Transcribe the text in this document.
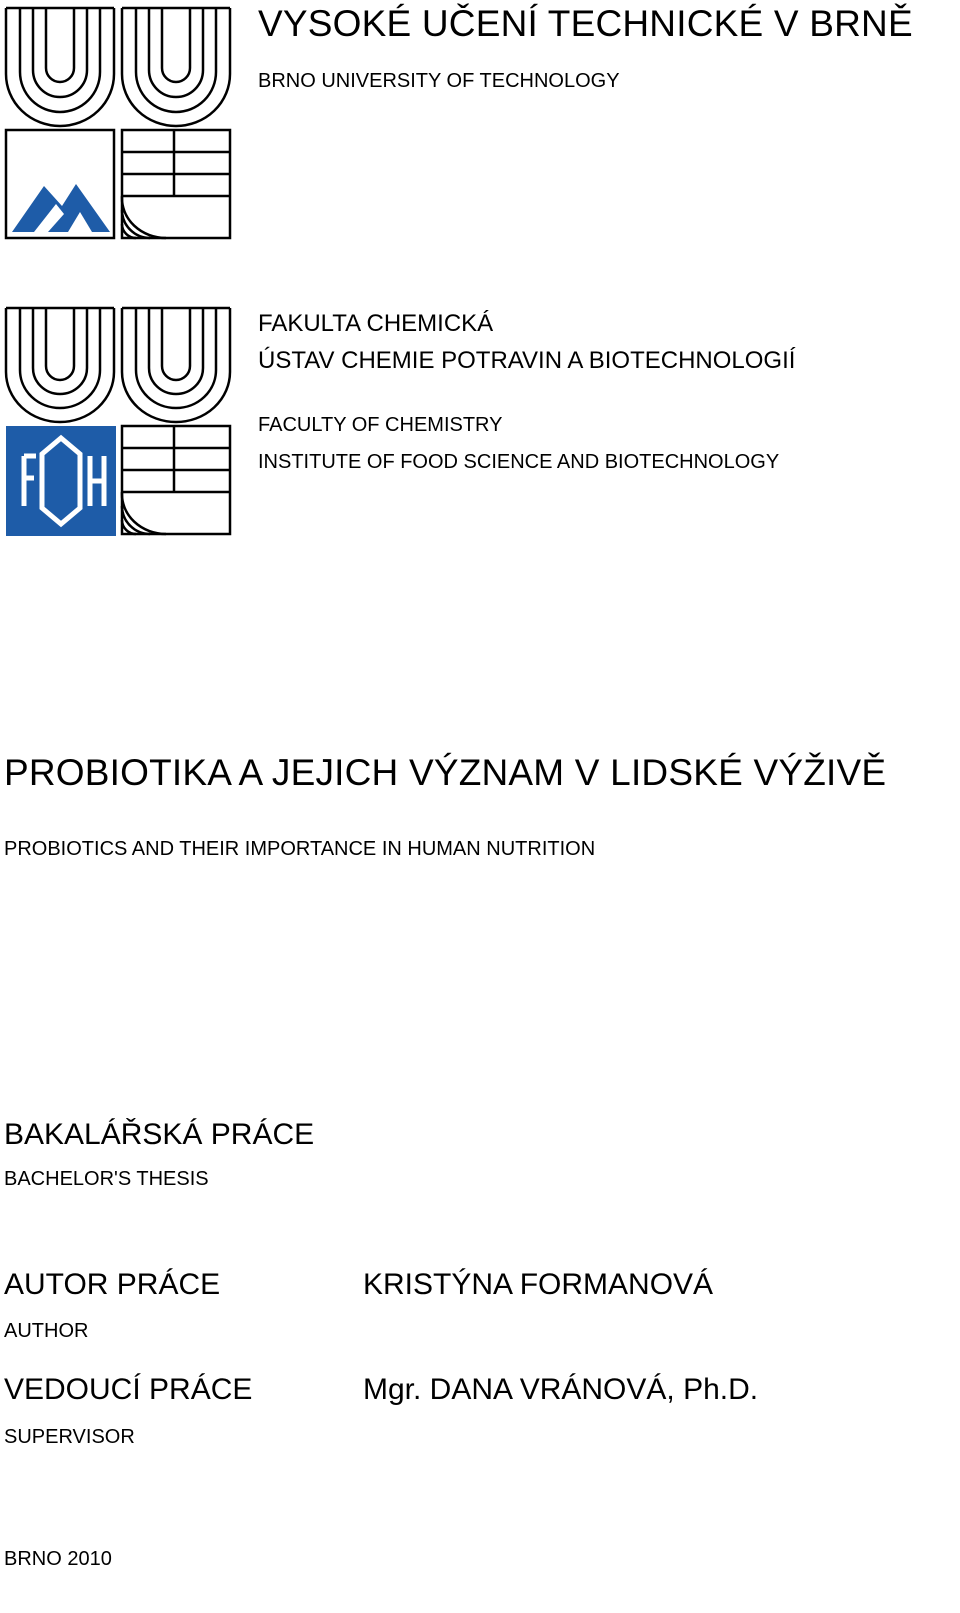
VYSOKÉ UČENÍ TECHNICKÉ V BRNĚ
BRNO UNIVERSITY OF TECHNOLOGY
FAKULTA CHEMICKÁ
ÚSTAV CHEMIE POTRAVIN A BIOTECHNOLOGIÍ
FACULTY OF CHEMISTRY
INSTITUTE OF FOOD SCIENCE AND BIOTECHNOLOGY
PROBIOTIKA A JEJICH VÝZNAM V LIDSKÉ VÝŽIVĚ
PROBIOTICS AND THEIR IMPORTANCE IN HUMAN NUTRITION
BAKALÁŘSKÁ PRÁCE
BACHELOR'S THESIS
AUTOR PRÁCE
AUTHOR
KRISTÝNA FORMANOVÁ
VEDOUCÍ PRÁCE
SUPERVISOR
Mgr. DANA VRÁNOVÁ, Ph.D.
BRNO 2010
